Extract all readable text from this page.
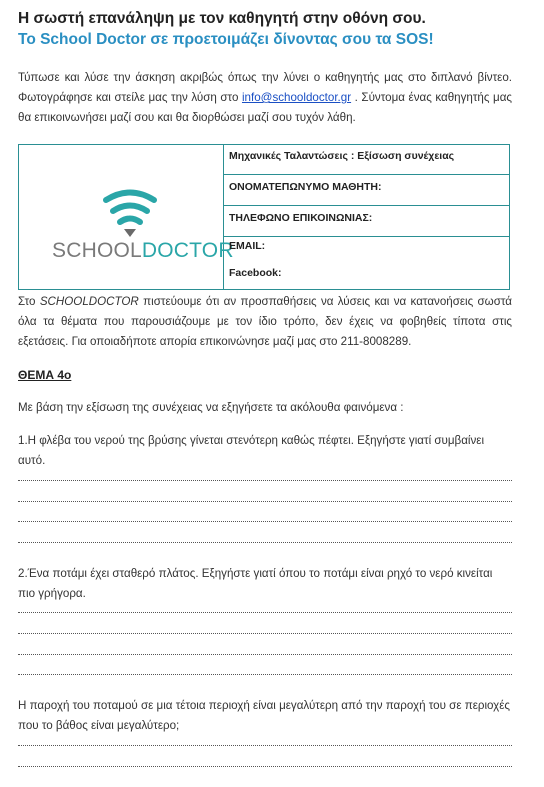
Η σωστή επανάληψη με τον καθηγητή στην οθόνη σου.
Το School Doctor σε προετοιμάζει δίνοντας σου τα SOS!
Τύπωσε και λύσε την άσκηση ακριβώς όπως την λύνει ο καθηγητής μας στο διπλανό βίντεο. Φωτογράφησε και στείλε μας την λύση στο info@schooldoctor.gr . Σύντομα ένας καθηγητής μας θα επικοινωνήσει μαζί σου και θα διορθώσει μαζί σου τυχόν λάθη.
SCHOOLDOCTOR
Μηχανικές Ταλαντώσεις : Εξίσωση συνέχειας
ΟΝΟΜΑΤΕΠΩΝΥΜΟ ΜΑΘΗΤΗ:
ΤΗΛΕΦΩΝΟ ΕΠΙΚΟΙΝΩΝΙΑΣ:
EMAIL:
Facebook:
Στο SCHOOLDOCTOR πιστεύουμε ότι αν προσπαθήσεις να λύσεις και να κατανοήσεις σωστά όλα τα θέματα που παρουσιάζουμε με τον ίδιο τρόπο, δεν έχεις να φοβηθείς τίποτα στις εξετάσεις. Για οποιαδήποτε απορία επικοινώνησε μαζί μας στο 211-8008289.
ΘΕΜΑ 4ο
Με βάση την εξίσωση της συνέχειας να εξηγήσετε τα ακόλουθα φαινόμενα :
1.Η φλέβα του νερού της βρύσης γίνεται στενότερη καθώς πέφτει. Εξηγήστε γιατί συμβαίνει αυτό.
2.Ένα ποτάμι έχει σταθερό πλάτος. Εξηγήστε γιατί όπου το ποτάμι είναι ρηχό το νερό κινείται πιο γρήγορα.
Η παροχή του ποταμού σε μια τέτοια περιοχή είναι μεγαλύτερη από την παροχή του σε περιοχές που το βάθος είναι μεγαλύτερο;
